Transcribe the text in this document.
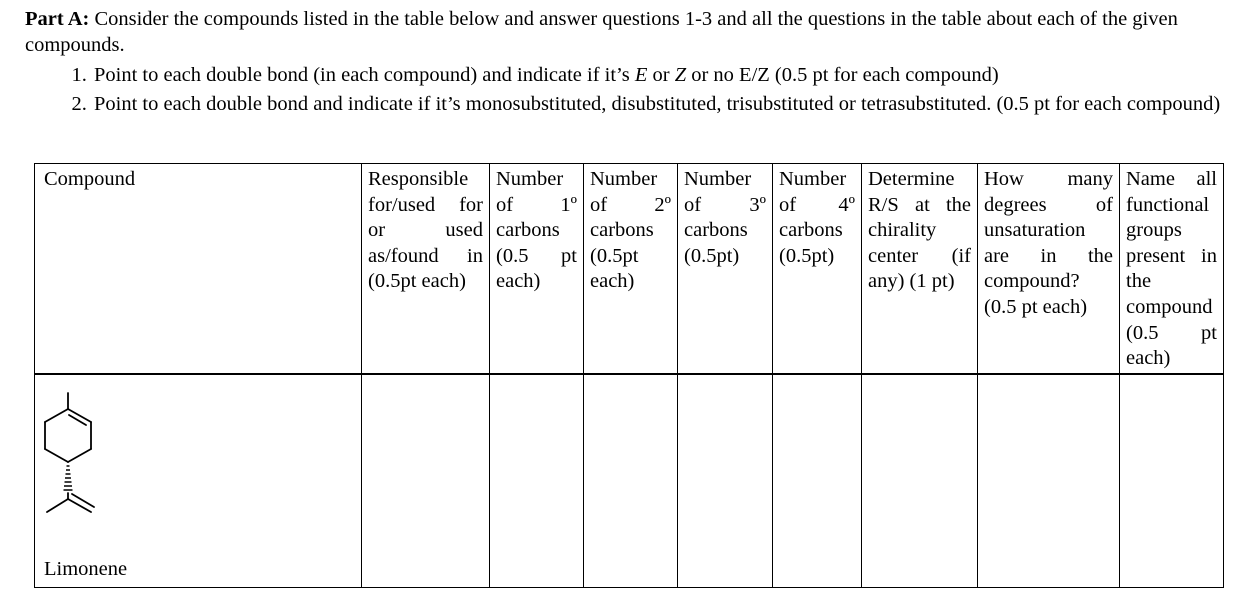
Part A: Consider the compounds listed in the table below and answer questions 1-3 and all the questions in the table about each of the given compounds.

1. Point to each double bond (in each compound) and indicate if it’s E or Z or no E/Z (0.5 pt for each compound)
2. Point to each double bond and indicate if it’s monosubstituted, disubstituted, trisubstituted or tetrasubstituted. (0.5 pt for each compound)
Compound	Responsible for/used for or used as/found in (0.5pt each)	Number of 1º carbons (0.5 pt each)	Number of 2º carbons (0.5pt each)	Number of 3º carbons (0.5pt)	Number of 4º carbons (0.5pt)	Determine R/S at the chirality center (if any) (1 pt)	How many degrees of unsaturation are in the compound? (0.5 pt each)	Name all functional groups present in the compound (0.5 pt each)

Limonene								
